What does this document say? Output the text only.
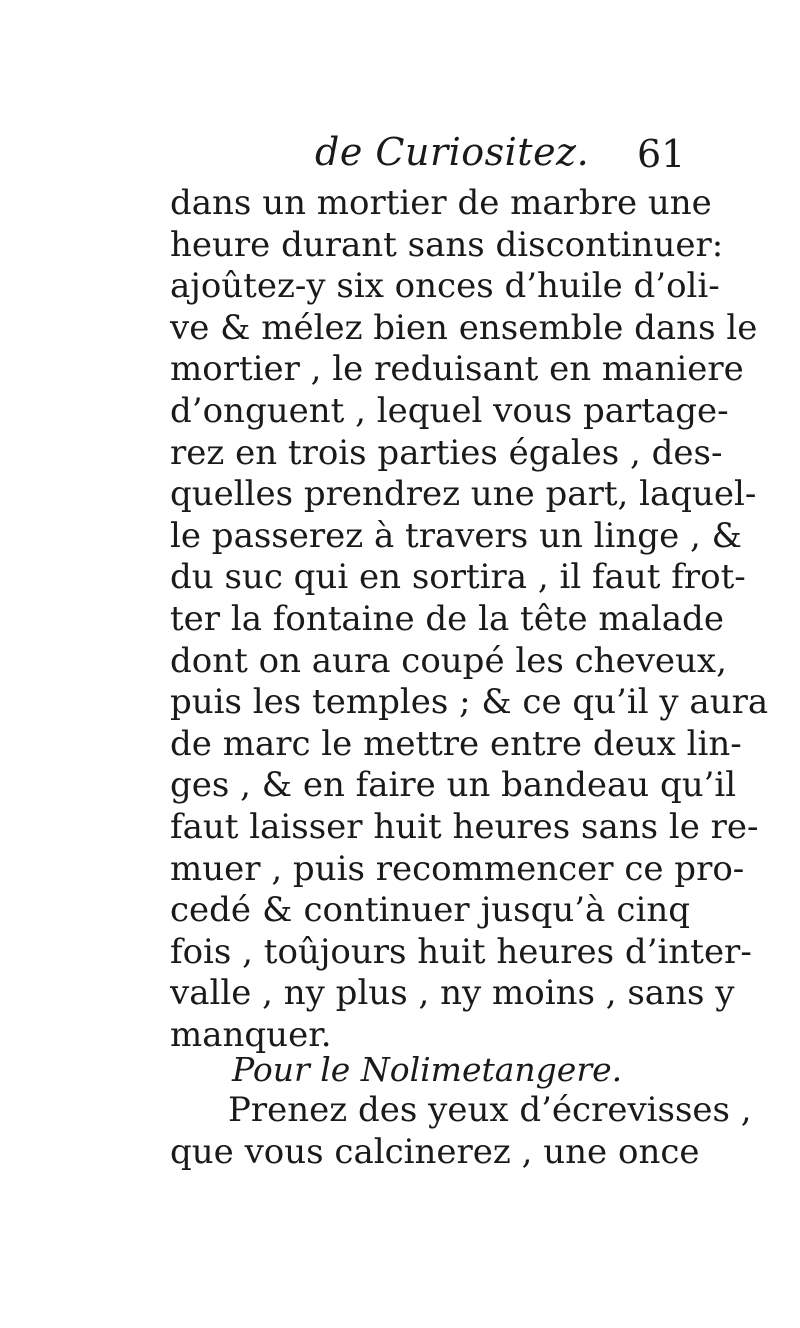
de Curiositez. 61
dans un mortier de marbre une
heure durant sans discontinuer:
ajoûtez-y six onces d’huile d’oli-
ve & mélez bien ensemble dans le
mortier , le reduisant en maniere
d’onguent , lequel vous partage-
rez en trois parties égales , des-
quelles prendrez une part, laquel-
le passerez à travers un linge , &
du suc qui en sortira , il faut frot-
ter la fontaine de la tête malade
dont on aura coupé les cheveux,
puis les temples ; & ce qu’il y aura
de marc le mettre entre deux lin-
ges , & en faire un bandeau qu’il
faut laisser huit heures sans le re-
muer , puis recommencer ce pro-
cedé & continuer jusqu’à cinq
fois , toûjours huit heures d’inter-
valle , ny plus , ny moins , sans y
manquer.
Pour le Nolimetangere.
Prenez des yeux d’écrevisses ,
que vous calcinerez , une once
